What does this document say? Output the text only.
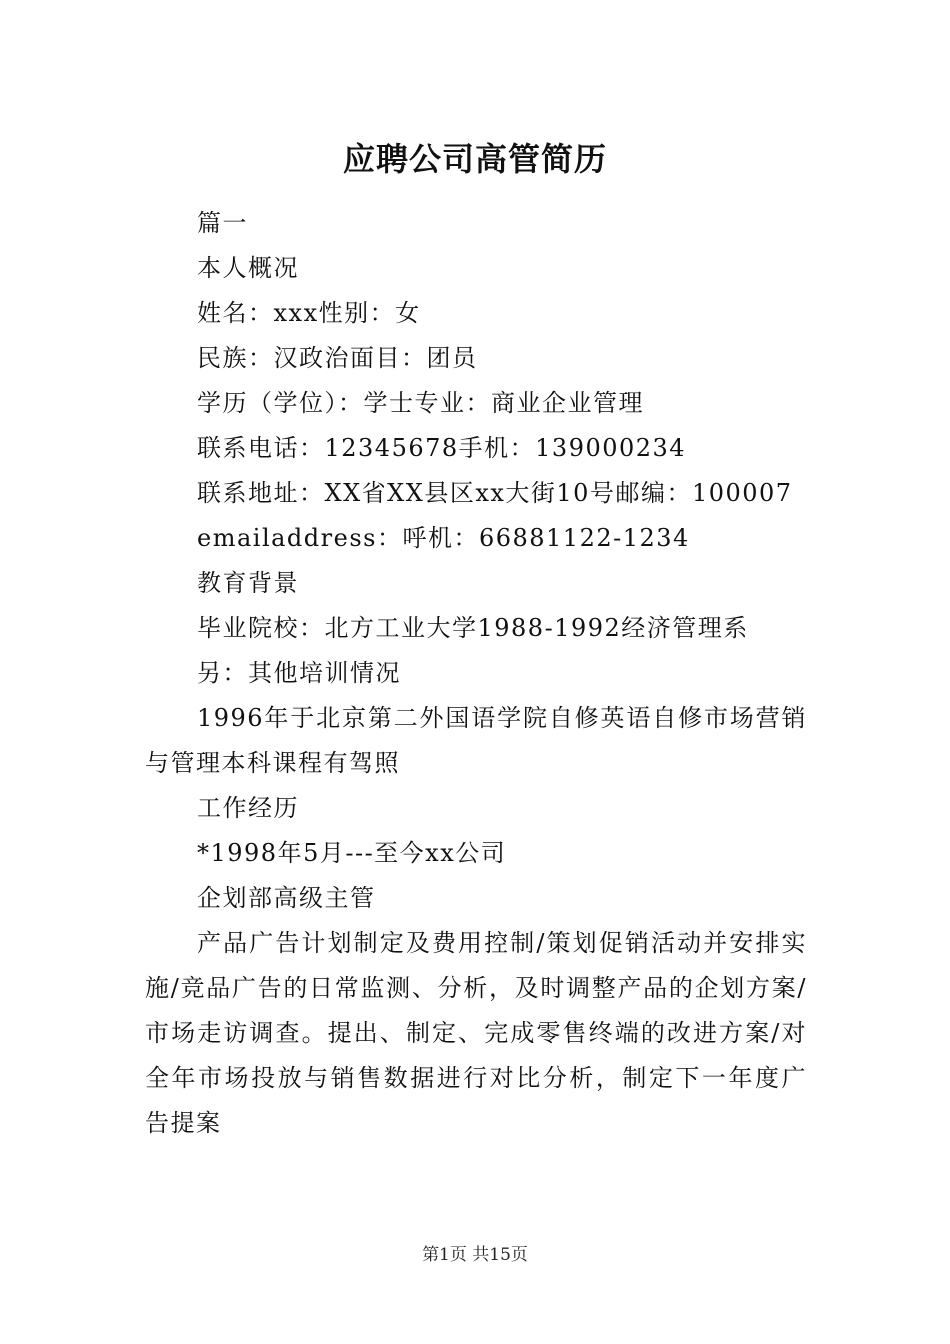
应聘公司高管简历

篇一

本人概况

姓名：xxx性别：女

民族：汉政治面目：团员

学历（学位）：学士专业：商业企业管理

联系电话：12345678手机：139000234

联系地址：XX省XX县区xx大街10号邮编：100007

emailaddress：呼机：66881122-1234

教育背景

毕业院校：北方工业大学1988-1992经济管理系

另：其他培训情况

1996年于北京第二外国语学院自修英语自修市场营销与管理本科课程有驾照

工作经历

*1998年5月---至今xx公司

企划部高级主管

产品广告计划制定及费用控制/策划促销活动并安排实施/竞品广告的日常监测、分析，及时调整产品的企划方案/市场走访调查。提出、制定、完成零售终端的改进方案/对全年市场投放与销售数据进行对比分析，制定下一年度广告提案

第1页 共15页
